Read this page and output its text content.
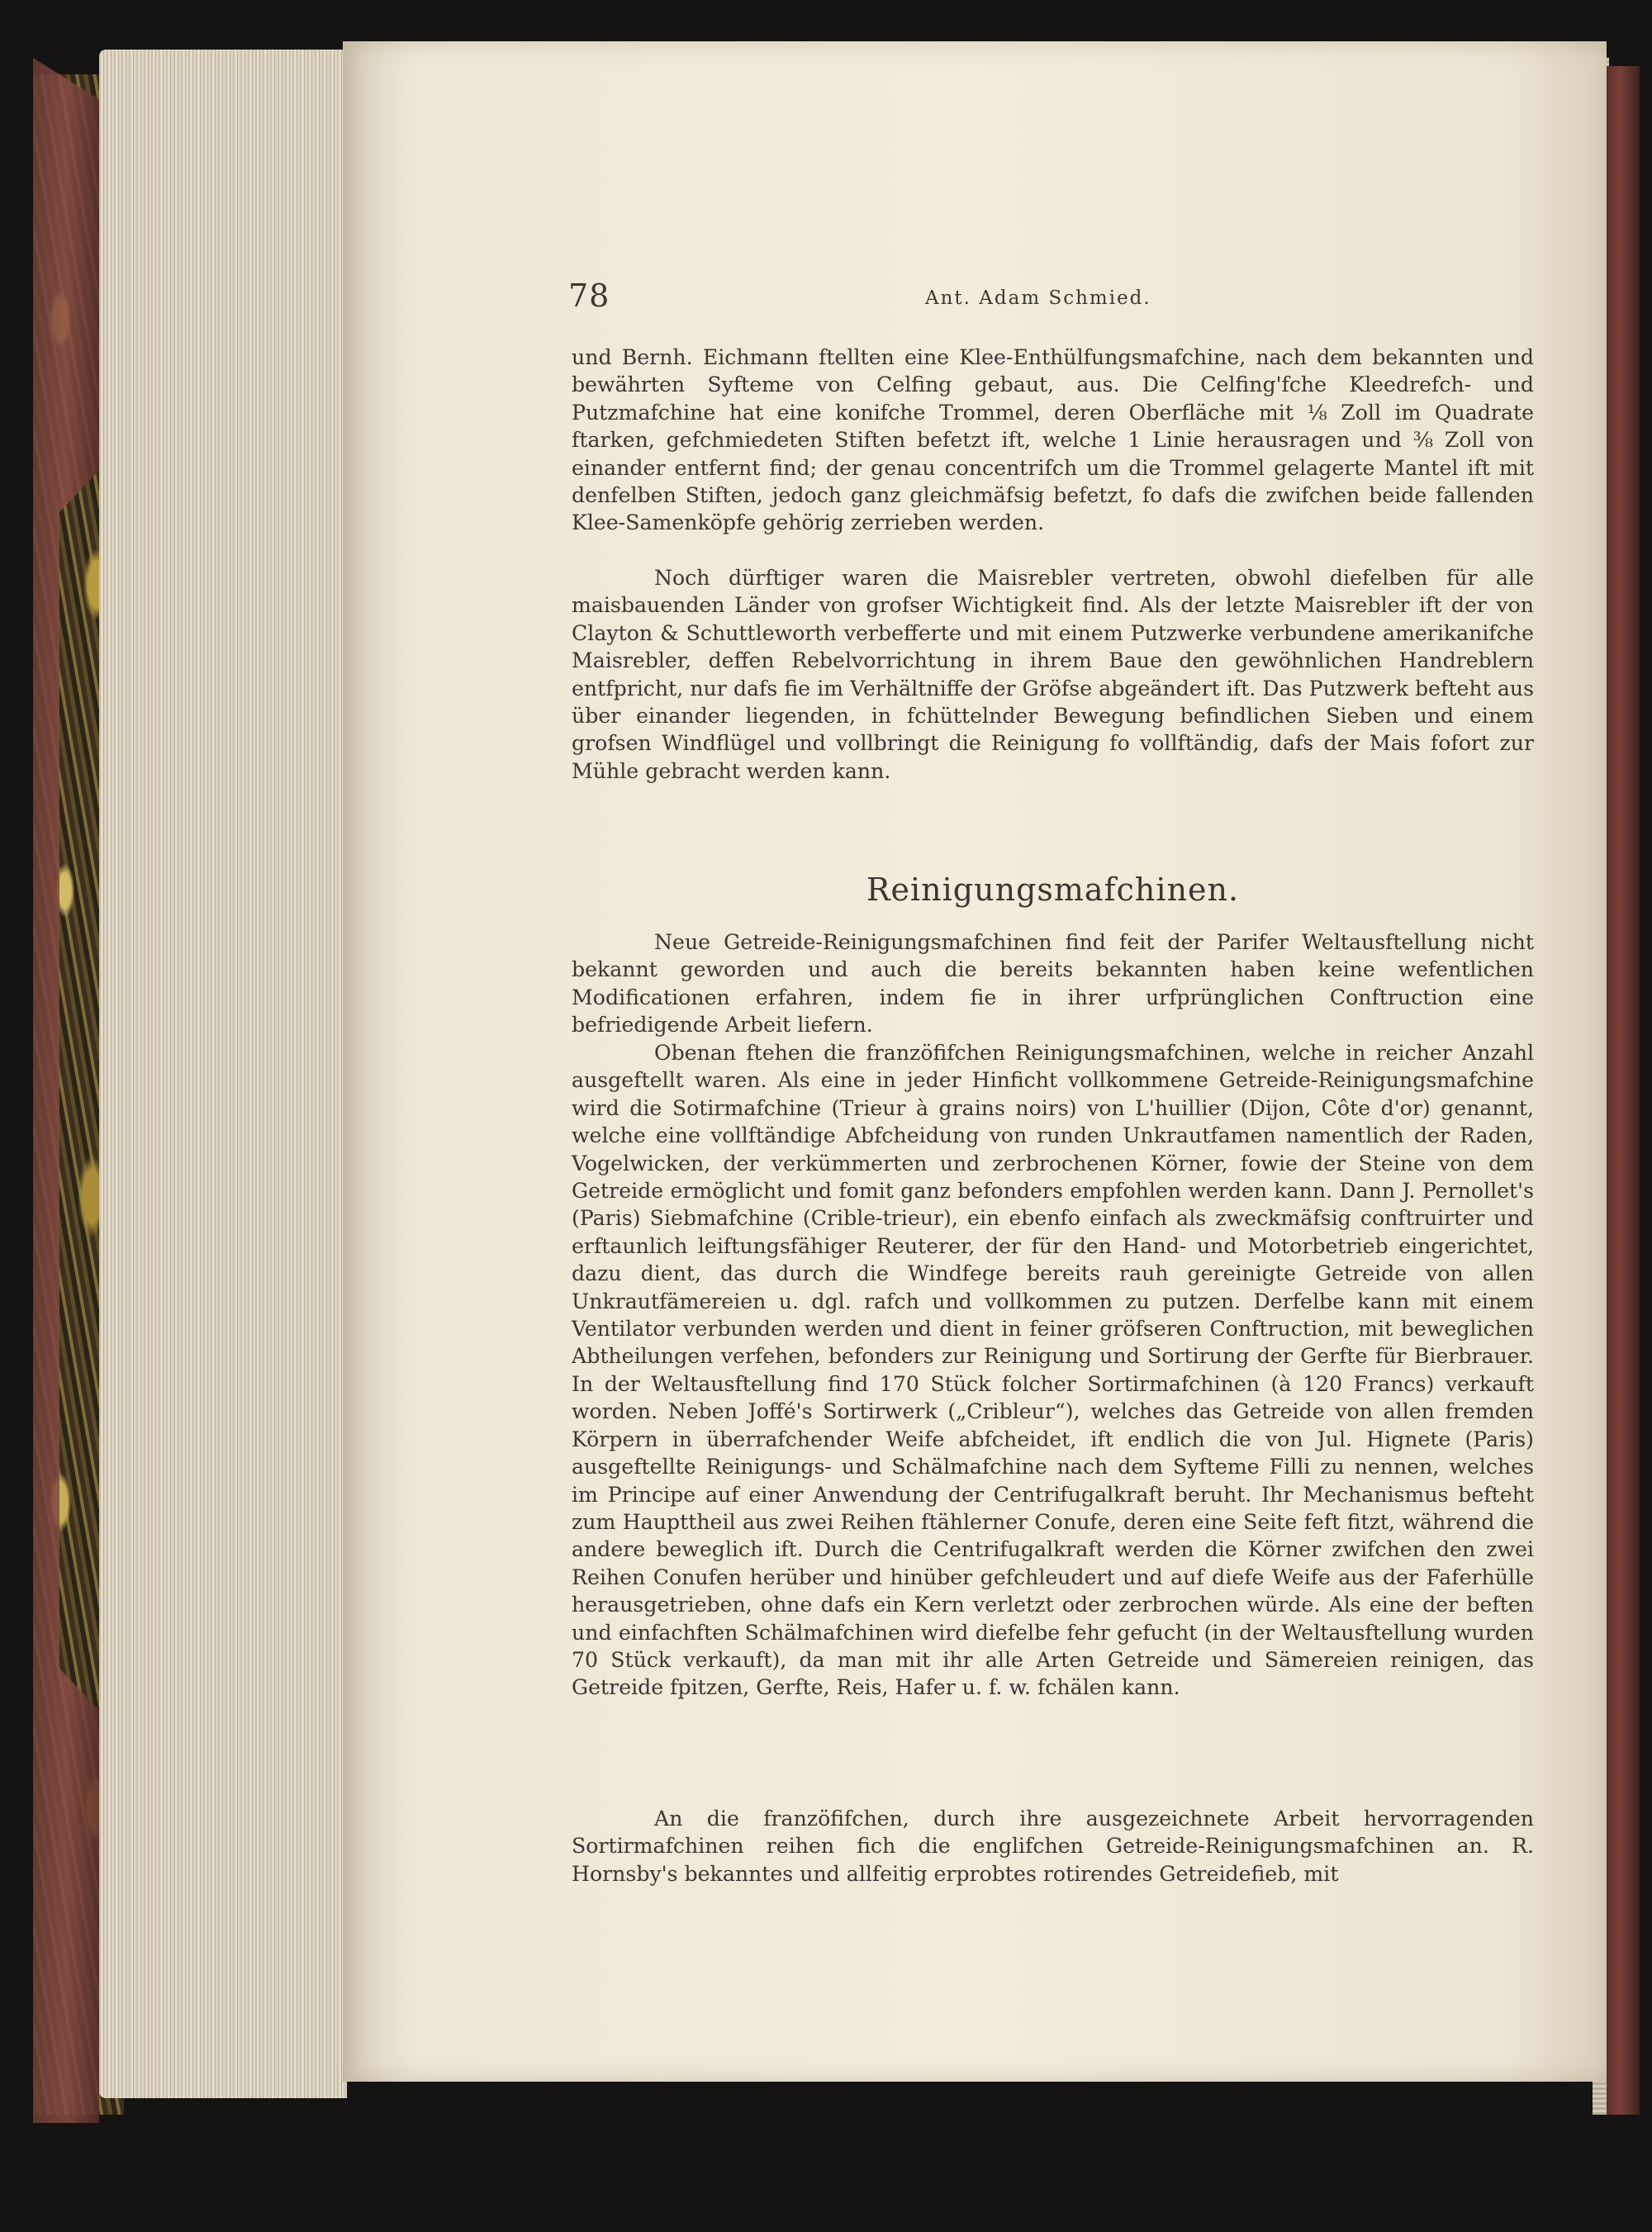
78	Ant. Adam Schmied.

und Bernh. Eichmann ftellten eine Klee-Enthülfungsmafchine, nach dem bekannten und bewährten Syfteme von Celfing gebaut, aus. Die Celfing'fche Kleedrefch- und Putzmafchine hat eine konifche Trommel, deren Oberfläche mit ⅛ Zoll im Quadrate ftarken, gefchmiedeten Stiften befetzt ift, welche 1 Linie herausragen und ⅜ Zoll von einander entfernt find; der genau concentrifch um die Trommel gelagerte Mantel ift mit denfelben Stiften, jedoch ganz gleichmäfsig befetzt, fo dafs die zwifchen beide fallenden Klee-Samenköpfe gehörig zerrieben werden.

Noch dürftiger waren die Maisrebler vertreten, obwohl diefelben für alle maisbauenden Länder von grofser Wichtigkeit find. Als der letzte Maisrebler ift der von Clayton & Schuttleworth verbefferte und mit einem Putzwerke verbundene amerikanifche Maisrebler, deffen Rebelvorrichtung in ihrem Baue den gewöhnlichen Handreblern entfpricht, nur dafs fie im Verhältniffe der Gröfse abgeändert ift. Das Putzwerk befteht aus über einander liegenden, in fchüttelnder Bewegung befindlichen Sieben und einem grofsen Windflügel und vollbringt die Reinigung fo vollftändig, dafs der Mais fofort zur Mühle gebracht werden kann.

Reinigungsmafchinen.

Neue Getreide-Reinigungsmafchinen find feit der Parifer Weltausftellung nicht bekannt geworden und auch die bereits bekannten haben keine wefentlichen Modificationen erfahren, indem fie in ihrer urfprünglichen Conftruction eine befriedigende Arbeit liefern.

Obenan ftehen die franzöfifchen Reinigungsmafchinen, welche in reicher Anzahl ausgeftellt waren. Als eine in jeder Hinficht vollkommene Getreide-Reinigungsmafchine wird die Sotirmafchine (Trieur à grains noirs) von L'huillier (Dijon, Côte d'or) genannt, welche eine vollftändige Abfcheidung von runden Unkrautfamen namentlich der Raden, Vogelwicken, der verkümmerten und zerbrochenen Körner, fowie der Steine von dem Getreide ermöglicht und fomit ganz befonders empfohlen werden kann. Dann J. Pernollet's (Paris) Siebmafchine (Crible-trieur), ein ebenfo einfach als zweckmäfsig conftruirter und erftaunlich leiftungsfähiger Reuterer, der für den Hand- und Motorbetrieb eingerichtet, dazu dient, das durch die Windfege bereits rauh gereinigte Getreide von allen Unkrautfämereien u. dgl. rafch und vollkommen zu putzen. Derfelbe kann mit einem Ventilator verbunden werden und dient in feiner gröfseren Conftruction, mit beweglichen Abtheilungen verfehen, befonders zur Reinigung und Sortirung der Gerfte für Bierbrauer. In der Weltausftellung find 170 Stück folcher Sortirmafchinen (à 120 Francs) verkauft worden. Neben Joffé's Sortirwerk („Cribleur“), welches das Getreide von allen fremden Körpern in überrafchender Weife abfcheidet, ift endlich die von Jul. Hignete (Paris) ausgeftellte Reinigungs- und Schälmafchine nach dem Syfteme Filli zu nennen, welches im Principe auf einer Anwendung der Centrifugalkraft beruht. Ihr Mechanismus befteht zum Haupttheil aus zwei Reihen ftählerner Conufe, deren eine Seite feft fitzt, während die andere beweglich ift. Durch die Centrifugalkraft werden die Körner zwifchen den zwei Reihen Conufen herüber und hinüber gefchleudert und auf diefe Weife aus der Faferhülle herausgetrieben, ohne dafs ein Kern verletzt oder zerbrochen würde. Als eine der beften und einfachften Schälmafchinen wird diefelbe fehr gefucht (in der Weltausftellung wurden 70 Stück verkauft), da man mit ihr alle Arten Getreide und Sämereien reinigen, das Getreide fpitzen, Gerfte, Reis, Hafer u. f. w. fchälen kann.

An die franzöfifchen, durch ihre ausgezeichnete Arbeit hervorragenden Sortirmafchinen reihen fich die englifchen Getreide-Reinigungsmafchinen an. R. Hornsby's bekanntes und allfeitig erprobtes rotirendes Getreidefieb, mit
